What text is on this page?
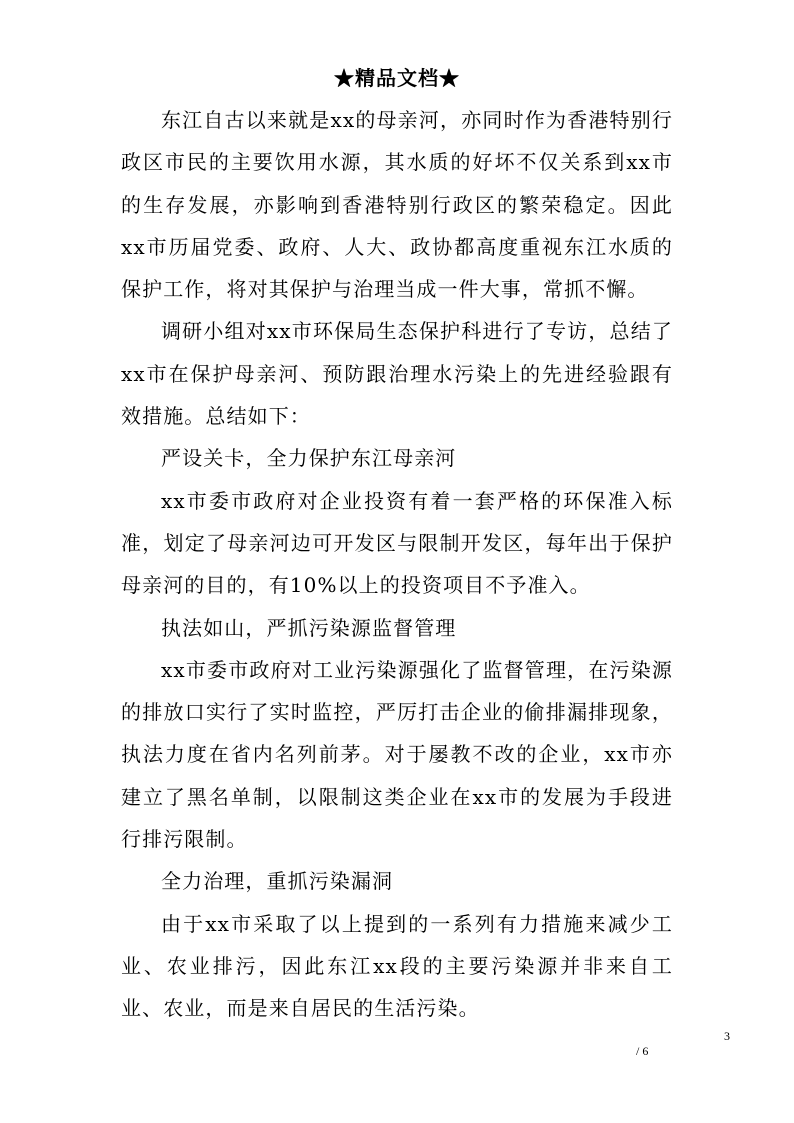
★精品文档★

东江自古以来就是xx的母亲河，亦同时作为香港特别行政区市民的主要饮用水源，其水质的好坏不仅关系到xx市的生存发展，亦影响到香港特别行政区的繁荣稳定。因此xx市历届党委、政府、人大、政协都高度重视东江水质的保护工作，将对其保护与治理当成一件大事，常抓不懈。

调研小组对xx市环保局生态保护科进行了专访，总结了xx市在保护母亲河、预防跟治理水污染上的先进经验跟有效措施。总结如下：

严设关卡，全力保护东江母亲河

xx市委市政府对企业投资有着一套严格的环保准入标准，划定了母亲河边可开发区与限制开发区，每年出于保护母亲河的目的，有10%以上的投资项目不予准入。

执法如山，严抓污染源监督管理

xx市委市政府对工业污染源强化了监督管理，在污染源的排放口实行了实时监控，严厉打击企业的偷排漏排现象，执法力度在省内名列前茅。对于屡教不改的企业，xx市亦建立了黑名单制，以限制这类企业在xx市的发展为手段进行排污限制。

全力治理，重抓污染漏洞

由于xx市采取了以上提到的一系列有力措施来减少工业、农业排污，因此东江xx段的主要污染源并非来自工业、农业，而是来自居民的生活污染。

3
/ 6
